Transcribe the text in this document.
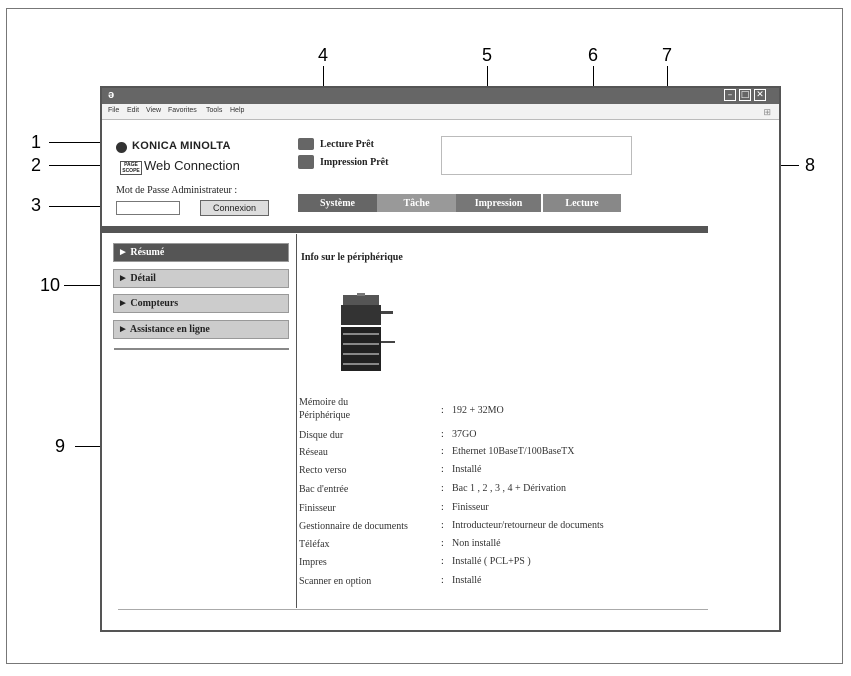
1
2
3
4	5	6	7
8
9
10
ə	– □ ✕
File Edit View Favorites Tools Help	⊞
KONICA MINOLTA
PAGE SCOPE Web Connection
Mot de Passe Administrateur :
Connexion
Lecture Prêt
Impression Prêt
Système	Tâche	Impression	Lecture
► Résumé
► Détail
► Compteurs
► Assistance en ligne
Info sur le périphérique
Mémoire du
Périphérique	: 192 + 32MO
Disque dur	: 37GO
Réseau	: Ethernet 10BaseT/100BaseTX
Recto verso	: Installé
Bac d'entrée	: Bac 1 , 2 , 3 , 4 + Dérivation
Finisseur	: Finisseur
Gestionnaire de documents	: Introducteur/retourneur de documents
Téléfax	: Non installé
Impres	: Installé ( PCL+PS )
Scanner en option	: Installé
